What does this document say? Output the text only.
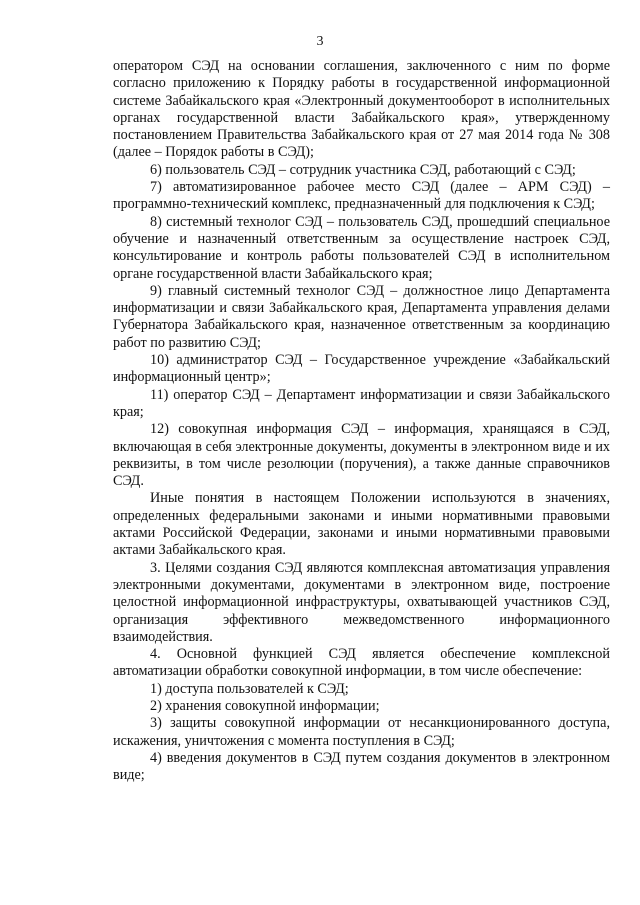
3

оператором СЭД на основании соглашения, заключенного с ним по форме согласно приложению к Порядку работы в государственной информационной системе Забайкальского края «Электронный документооборот в исполнительных органах государственной власти Забайкальского края», утвержденному постановлением Правительства Забайкальского края от 27 мая 2014 года № 308 (далее – Порядок работы в СЭД);

6) пользователь СЭД – сотрудник участника СЭД, работающий с СЭД;

7) автоматизированное рабочее место СЭД (далее – АРМ СЭД) – программно-технический комплекс, предназначенный для подключения к СЭД;

8) системный технолог СЭД – пользователь СЭД, прошедший специальное обучение и назначенный ответственным за осуществление настроек СЭД, консультирование и контроль работы пользователей СЭД в исполнительном органе государственной власти Забайкальского края;

9) главный системный технолог СЭД – должностное лицо Департамента информатизации и связи Забайкальского края, Департамента управления делами Губернатора Забайкальского края, назначенное ответственным за координацию работ по развитию СЭД;

10) администратор СЭД – Государственное учреждение «Забайкальский информационный центр»;

11) оператор СЭД – Департамент информатизации и связи Забайкальского края;

12) совокупная информация СЭД – информация, хранящаяся в СЭД, включающая в себя электронные документы, документы в электронном виде и их реквизиты, в том числе резолюции (поручения), а также данные справочников СЭД.

Иные понятия в настоящем Положении используются в значениях, определенных федеральными законами и иными нормативными правовыми актами Российской Федерации, законами и иными нормативными правовыми актами Забайкальского края.

3. Целями создания СЭД являются комплексная автоматизация управления электронными документами, документами в электронном виде, построение целостной информационной инфраструктуры, охватывающей участников СЭД, организация эффективного межведомственного информационного взаимодействия.

4. Основной функцией СЭД является обеспечение комплексной автоматизации обработки совокупной информации, в том числе обеспечение:

1) доступа пользователей к СЭД;

2) хранения совокупной информации;

3) защиты совокупной информации от несанкционированного доступа, искажения, уничтожения с момента поступления в СЭД;

4) введения документов в СЭД путем создания документов в электронном виде;
